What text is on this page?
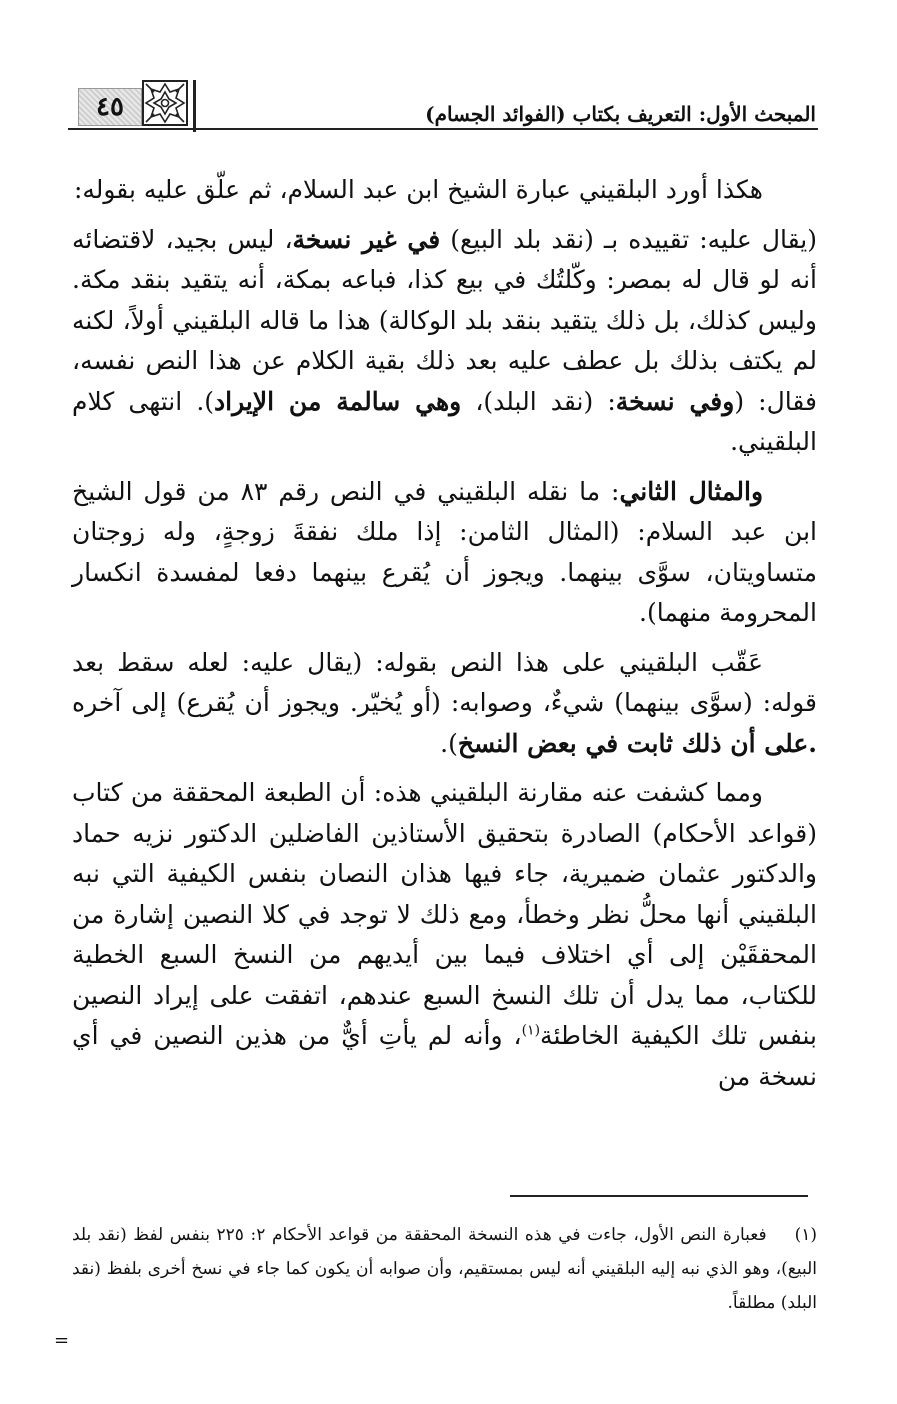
المبحث الأول: التعريف بكتاب (الفوائد الجسام)
٤٥

هكذا أورد البلقيني عبارة الشيخ ابن عبد السلام، ثم علّق عليه بقوله:

(يقال عليه: تقييده بـ (نقد بلد البيع) في غير نسخة، ليس بجيد، لاقتضائه أنه لو قال له بمصر: وكّلتُك في بيع كذا، فباعه بمكة، أنه يتقيد بنقد مكة. وليس كذلك، بل ذلك يتقيد بنقد بلد الوكالة) هذا ما قاله البلقيني أولاً، لكنه لم يكتف بذلك بل عطف عليه بعد ذلك بقية الكلام عن هذا النص نفسه، فقال: (وفي نسخة: (نقد البلد)، وهي سالمة من الإيراد). انتهى كلام البلقيني.

والمثال الثاني: ما نقله البلقيني في النص رقم ٨٣ من قول الشيخ ابن عبد السلام: (المثال الثامن: إذا ملك نفقةَ زوجةٍ، وله زوجتان متساويتان، سوَّى بينهما. ويجوز أن يُقرع بينهما دفعا لمفسدة انكسار المحرومة منهما).

عَقّب البلقيني على هذا النص بقوله: (يقال عليه: لعله سقط بعد قوله: (سوَّى بينهما) شيءٌ، وصوابه: (أو يُخيّر. ويجوز أن يُقرع) إلى آخره .على أن ذلك ثابت في بعض النسخ).

ومما كشفت عنه مقارنة البلقيني هذه: أن الطبعة المحققة من كتاب (قواعد الأحكام) الصادرة بتحقيق الأستاذين الفاضلين الدكتور نزيه حماد والدكتور عثمان ضميرية، جاء فيها هذان النصان بنفس الكيفية التي نبه البلقيني أنها محلُّ نظر وخطأ، ومع ذلك لا توجد في كلا النصين إشارة من المحققَيْن إلى أي اختلاف فيما بين أيديهم من النسخ السبع الخطية للكتاب، مما يدل أن تلك النسخ السبع عندهم، اتفقت على إيراد النصين بنفس تلك الكيفية الخاطئة$^{(١)}$، وأنه لم يأتِ أيٌّ من هذين النصين في أي نسخة من

(١)فعبارة النص الأول، جاءت في هذه النسخة المحققة من قواعد الأحكام ٢: ٢٢٥ بنفس لفظ (نقد بلد البيع)، وهو الذي نبه إليه البلقيني أنه ليس بمستقيم، وأن صوابه أن يكون كما جاء في نسخ أخرى بلفظ (نقد البلد) مطلقاً.
=
